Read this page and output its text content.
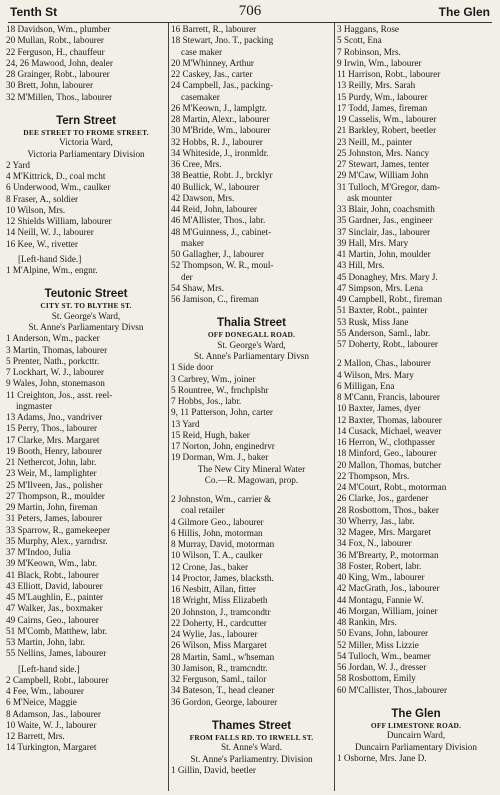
Tenth St	706	The Glen
18 Davidson, Wm., plumber
20 Mullan, Robt., labourer
22 Ferguson, H., chauffeur
24, 26 Mawood, John, dealer
28 Grainger, Robt., labourer
30 Brett, John, labourer
32 M'Millen, Thos., labourer
Tern Street
DEE STREET TO FROME STREET.
Victoria Ward,
Victoria Parliamentary Division
2 Yard
4 M'Kittrick, D., coal mcht
6 Underwood, Wm., caulker
8 Fraser, A., soldier
10 Wilson, Mrs.
12 Shields William, labourer
14 Neill, W. J., labourer
16 Kee, W., rivetter
[Left-hand Side.]
1 M'Alpine, Wm., engnr.
Teutonic Street
CITY ST. TO BLYTHE ST.
St. George's Ward,
St. Anne's Parliamentary Divsn
1 Anderson, Wm., packer
3 Martin, Thomas, labourer
5 Prenter, Nath., porkcttr.
7 Lockhart, W. J., labourer
9 Wales, John, stonemason
11 Creighton, Jos., asst. reel-
ingmaster
13 Adams, Jno., vandriver
15 Perry, Thos., labourer
17 Clarke, Mrs. Margaret
19 Booth, Henry, labourer
21 Nethercot, John, labr.
23 Weir, M., lamplighter
25 M'Ilveen, Jas., polisher
27 Thompson, R., moulder
29 Martin, John, fireman
31 Peters, James, labourer
33 Sparrow, R., gamekeeper
35 Murphy, Alex., yarndrsr.
37 M'Indoo, Julia
39 M'Keown, Wm., labr.
41 Black, Robt., labourer
43 Elliott, David, labourer
45 M'Laughlin, E., painter
47 Walker, Jas., boxmaker
49 Cairns, Geo., labourer
51 M'Comb, Matthew, labr.
53 Martin, John, labr.
55 Nellins, James, labourer
[Left-hand side.]
2 Campbell, Robt., labourer
4 Fee, Wm., labourer
6 M'Neice, Maggie
8 Adamson, Jas., labourer
10 Waite, W. J., labourer
12 Barrett, Mrs.
14 Turkington, Margaret
16 Barrett, R., labourer
18 Stewart, Jno. T., packing
case maker
20 M'Whinney, Arthur
22 Caskey, Jas., carter
24 Campbell, Jas., packing-
casemaker
26 M'Keown, J., lamplgtr.
28 Martin, Alexr., labourer
30 M'Bride, Wm., labourer
32 Hobbs, R. J., labourer
34 Whiteside, J., ironmldr.
36 Cree, Mrs.
38 Beattie, Robt. J., brcklyr
40 Bullick, W., labourer
42 Dawson, Mrs.
44 Reid, John, labourer
46 M'Allister, Thos., labr.
48 M'Guinness, J., cabinet-
maker
50 Gallagher, J., labourer
52 Thompson, W. R., moul-
der
54 Shaw, Mrs.
56 Jamison, C., fireman
Thalia Street
OFF DONEGALL ROAD.
St. George's Ward,
St. Anne's Parliamentary Divsn
1 Side door
3 Carbrey, Wm., joiner
5 Rountree, W., frnchplshr
7 Hobbs, Jos., labr.
9, 11 Patterson, John, carter
13 Yard
15 Reid, Hugh, baker
17 Norton, John, enginedrvr
19 Dorman, Wm. J., baker
The New City Mineral Water
Co.—R. Magowan, prop.
2 Johnston, Wm., carrier &
coal retailer
4 Gilmore Geo., labourer
6 Hillis, John, motorman
8 Murray, David, motorman
10 Wilson, T. A., caulker
12 Crone, Jas., baker
14 Proctor, James, blacksth.
16 Nesbitt, Allan, fitter
18 Wright, Miss Elizabeth
20 Johnston, J., tramcondtr
22 Doherty, H., cardcutter
24 Wylie, Jas., labourer
26 Wilson, Miss Margaret
28 Martin, Saml., w'hseman
30 Jamison, R., tramcndtr.
32 Ferguson, Saml., tailor
34 Bateson, T., head cleaner
36 Gordon, George, labourer
Thames Street
FROM FALLS RD. TO IRWELL ST.
St. Anne's Ward.
St. Anne's Parliamentry. Division
1 Gillin, David, beetler
3 Haggans, Rose
5 Scott, Ena
7 Robinson, Mrs.
9 Irwin, Wm., labourer
11 Harrison, Robt., labourer
13 Reilly, Mrs. Sarah
15 Purdy, Wm., labourer
17 Todd, James, fireman
19 Casselis, Wm., labourer
21 Barkley, Robert, beetler
23 Neill, M., painter
25 Johnston, Mrs. Nancy
27 Stewart, James, tenter
29 M'Caw, William John
31 Tulloch, M'Gregor, dam-
ask mounter
33 Blair, John, coachsmith
35 Gardner, Jas., engineer
37 Sinclair, Jas., labourer
39 Hall, Mrs. Mary
41 Martin, John, moulder
43 Hill, Mrs.
45 Donaghey, Mrs. Mary J.
47 Simpson, Mrs. Lena
49 Campbell, Robt., fireman
51 Baxter, Robt., painter
53 Rusk, Miss Jane
55 Anderson, Saml., labr.
57 Doherty, Robt., labourer
2 Mallon, Chas., labourer
4 Wilson, Mrs. Mary
6 Milligan, Ena
8 M'Cann, Francis, labourer
10 Baxter, James, dyer
12 Baxter, Thomas, labourer
14 Cusack, Michael, weaver
16 Herron, W., clothpasser
18 Minford, Geo., labourer
20 Mallon, Thomas, butcher
22 Thompson, Mrs.
24 M'Court, Robt., motorman
26 Clarke, Jos., gardener
28 Rosbottom, Thos., baker
30 Wherry, Jas., labr.
32 Magee, Mrs. Margaret
34 Fox, N., labourer
36 M'Brearty, P., motorman
38 Foster, Robert, labr.
40 King, Wm., labourer
42 MacGrath, Jos., labourer
44 Montagu, Fannie W.
46 Morgan, William, joiner
48 Rankin, Mrs.
50 Evans, John, labourer
52 Miller, Miss Lizzie
54 Tulloch, Wm., beamer
56 Jordan, W. J., dresser
58 Rosbottom, Emily
60 M'Callister, Thos.,labourer
The Glen
OFF LIMESTONE ROAD.
Duncairn Ward,
Duncairn Parliamentary Division
1 Osborne, Mrs. Jane D.
